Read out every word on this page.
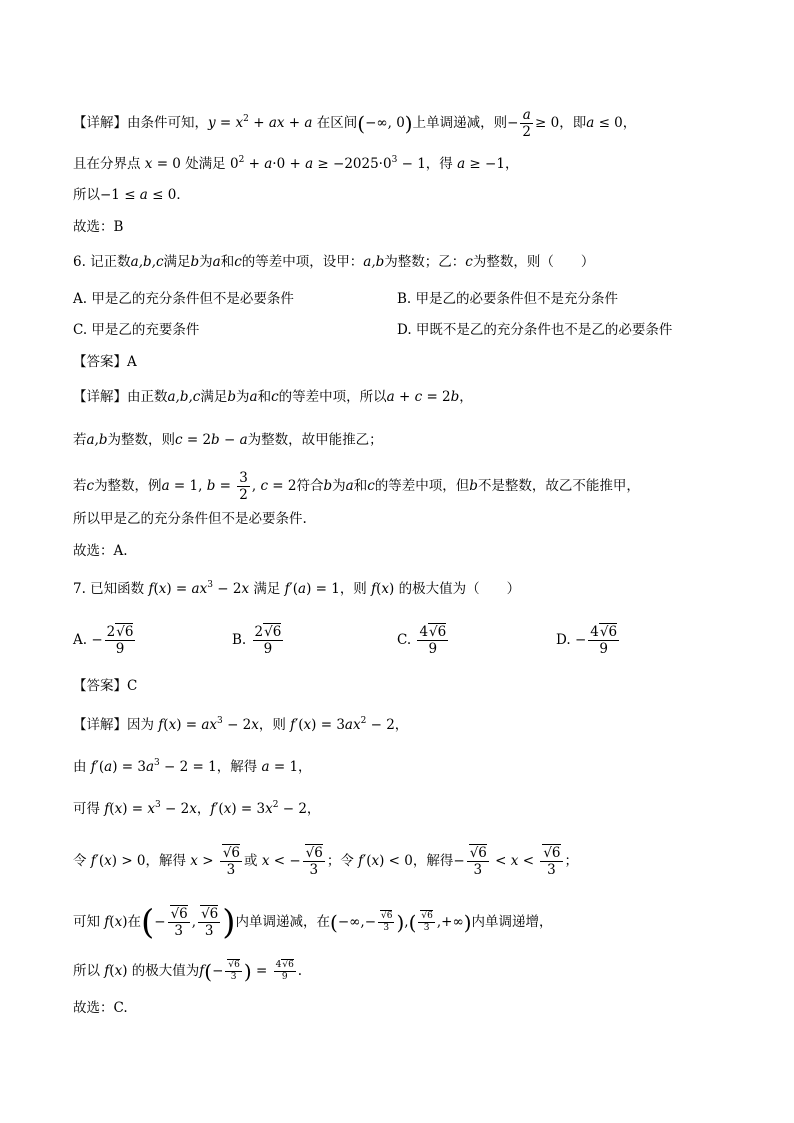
【详解】由条件可知，$y = x^2$ + ax + a 在区间(−∞, 0)上单调递减，则− $\frac{a}{2} \ge 0$，即a ≤ 0，
且在分界点 x = 0 处满足 $0^2 + a\cdot 0 + a \ge -2025\cdot 0^3 - 1$，得 a ≥ −1，
所以−1 ≤ a ≤ 0．
故选：B
6. 记正数a,b,c满足b为a和c的等差中项，设甲：a,b为整数；乙：c为整数，则（　　）
A. 甲是乙的充分条件但不是必要条件	B. 甲是乙的必要条件但不是充分条件
C. 甲是乙的充要条件	D. 甲既不是乙的充分条件也不是乙的必要条件
【答案】A
【详解】由正数a,b,c满足b为a和c的等差中项，所以a + c = 2b，
若a,b为整数，则c = 2b − a为整数，故甲能推乙；
若c为整数，例a = 1, $b = \frac{3}{2}$ , c = 2符合b为a和c的等差中项，但b不是整数，故乙不能推甲，
所以甲是乙的充分条件但不是必要条件.
故选：A.
7. 已知函数 $f(x) = ax^3 - 2x$ 满足 f′(a) = 1，则 f(x) 的极大值为（　　）
A. − $\frac{2√6}{9}$	B. $\frac{2√6}{9}$	C. $\frac{4√6}{9}$	D. − $\frac{4√6}{9}$
【答案】C
【详解】因为 $f(x) = ax^3 - 2x$，则 $f'(x) = 3ax^2 - 2$，
由 $f'(a) = 3a^3 - 2 = 1$，解得 a = 1，
可得 $f(x) = x^3 - 2x$，$f'(x) = 3x^2 - 2$，
令 f′(x) > 0，解得 $x > \frac{√6}{3}$ 或 x < − $\frac{√6}{3}$ ；令 f′(x) < 0，解得− $\frac{√6}{3} < x < \frac{√6}{3}$ ；
可知 f(x)在(− $\frac{√6}{3}$ , $\frac{√6}{3}$ )内单调递减，在(−∞,− $\frac{√6}{3}$ ),( $\frac{√6}{3}$ ,+∞)内单调递增，
所以 f(x) 的极大值为$f(- \frac{√6}{3}$ ) = $\frac{4√6}{9}$ .
故选：C.
